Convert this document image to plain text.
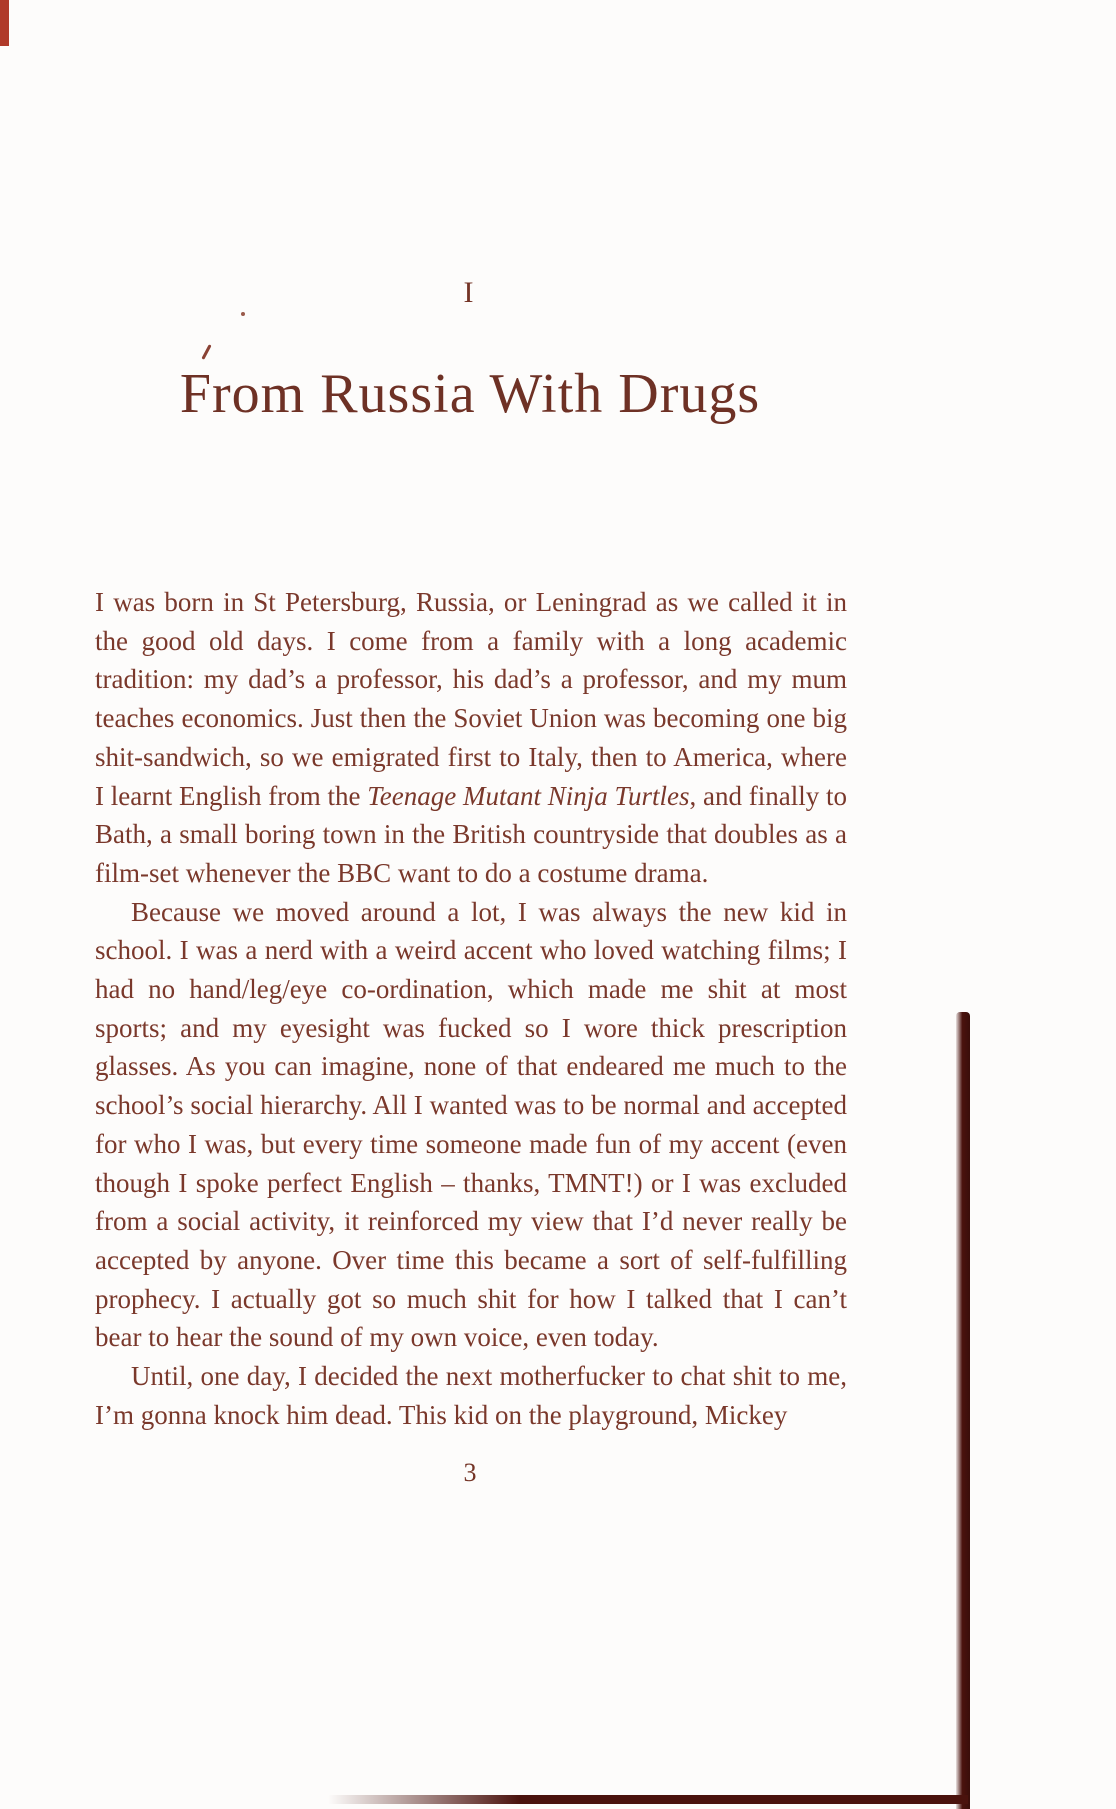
I
From Russia With Drugs

I was born in St Petersburg, Russia, or Leningrad as we called it in the good old days. I come from a family with a long academic tradition: my dad’s a professor, his dad’s a professor, and my mum teaches economics. Just then the Soviet Union was becoming one big shit-sandwich, so we emigrated first to Italy, then to America, where I learnt English from the Teenage Mutant Ninja Turtles, and finally to Bath, a small boring town in the British countryside that doubles as a film-set whenever the BBC want to do a costume drama.

Because we moved around a lot, I was always the new kid in school. I was a nerd with a weird accent who loved watching films; I had no hand/leg/eye co-ordination, which made me shit at most sports; and my eyesight was fucked so I wore thick prescription glasses. As you can imagine, none of that endeared me much to the school’s social hierarchy. All I wanted was to be normal and accepted for who I was, but every time someone made fun of my accent (even though I spoke perfect English – thanks, TMNT!) or I was excluded from a social activity, it reinforced my view that I’d never really be accepted by anyone. Over time this became a sort of self-fulfilling prophecy. I actually got so much shit for how I talked that I can’t bear to hear the sound of my own voice, even today.

Until, one day, I decided the next motherfucker to chat shit to me, I’m gonna knock him dead. This kid on the playground, Mickey

3
